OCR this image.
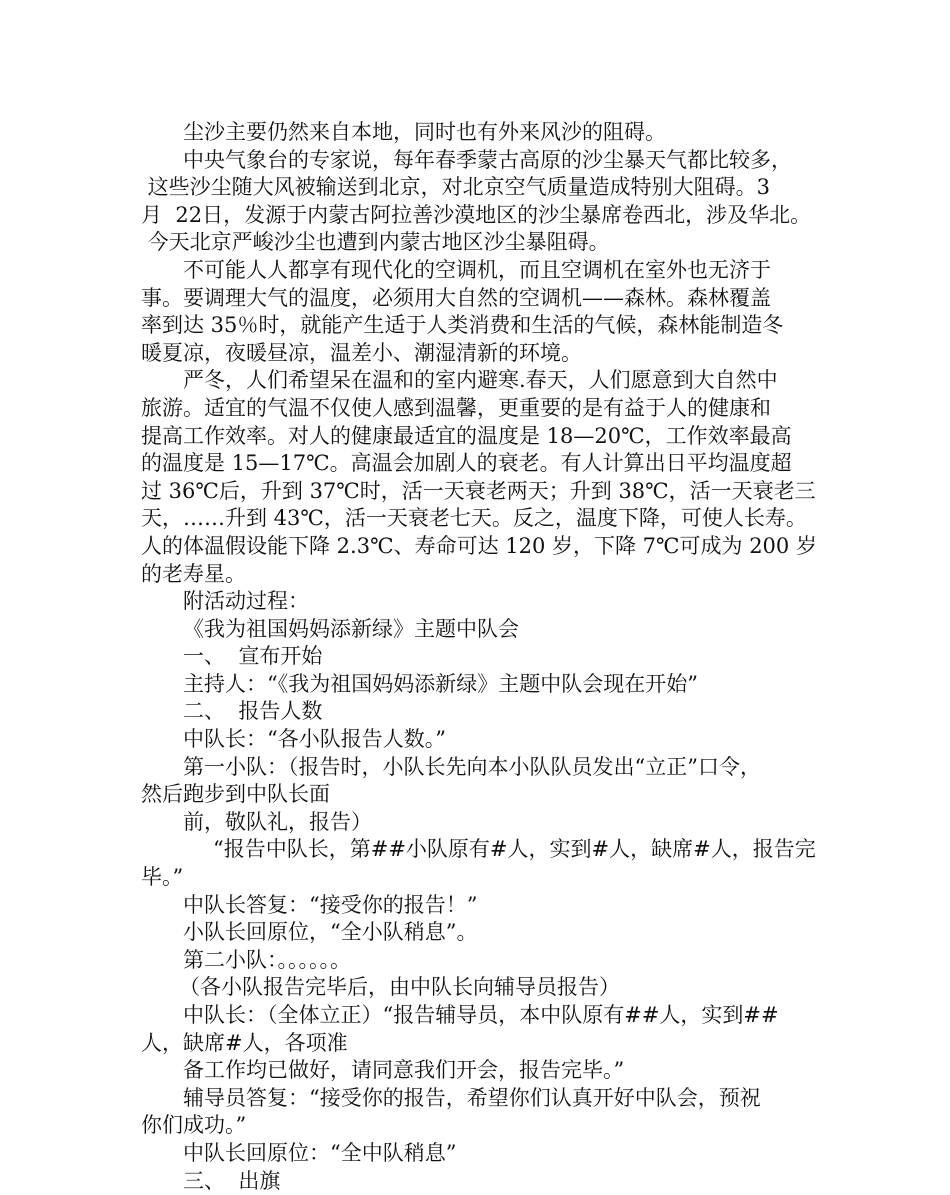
尘沙主要仍然来自本地，同时也有外来风沙的阻碍。
中央气象台的专家说，每年春季蒙古高原的沙尘暴天气都比较多，
这些沙尘随大风被输送到北京，对北京空气质量造成特别大阻碍。3
月  22日，发源于内蒙古阿拉善沙漠地区的沙尘暴席卷西北，涉及华北。
今天北京严峻沙尘也遭到内蒙古地区沙尘暴阻碍。
不可能人人都享有现代化的空调机，而且空调机在室外也无济于
事。要调理大气的温度，必须用大自然的空调机——森林。森林覆盖
率到达 35％时，就能产生适于人类消费和生活的气候，森林能制造冬
暖夏凉，夜暖昼凉，温差小、潮湿清新的环境。
严冬，人们希望呆在温和的室内避寒.春天，人们愿意到大自然中
旅游。适宜的气温不仅使人感到温馨，更重要的是有益于人的健康和
提高工作效率。对人的健康最适宜的温度是 18—20℃，工作效率最高
的温度是 15—17℃。高温会加剧人的衰老。有人计算出日平均温度超
过 36℃后，升到 37℃时，活一天衰老两天；升到 38℃，活一天衰老三
天，……升到 43℃，活一天衰老七天。反之，温度下降，可使人长寿。
人的体温假设能下降 2.3℃、寿命可达 120 岁，下降 7℃可成为 200 岁
的老寿星。
附活动过程：
《我为祖国妈妈添新绿》主题中队会
一、  宣布开始
主持人：“《我为祖国妈妈添新绿》主题中队会现在开始”
二、  报告人数
中队长：“各小队报告人数。”
第一小队：（报告时，小队长先向本小队队员发出“立正”口令，
然后跑步到中队长面
前，敬队礼，报告）
“报告中队长，第##小队原有#人，实到#人，缺席#人，报告完
毕。”
中队长答复：“接受你的报告！”
小队长回原位，“全小队稍息”。
第二小队：。。。。。。
（各小队报告完毕后，由中队长向辅导员报告）
中队长：（全体立正）“报告辅导员，本中队原有##人，实到##
人，缺席#人，各项准
备工作均已做好，请同意我们开会，报告完毕。”
辅导员答复：“接受你的报告，希望你们认真开好中队会，预祝
你们成功。”
中队长回原位：“全中队稍息”
三、  出旗
